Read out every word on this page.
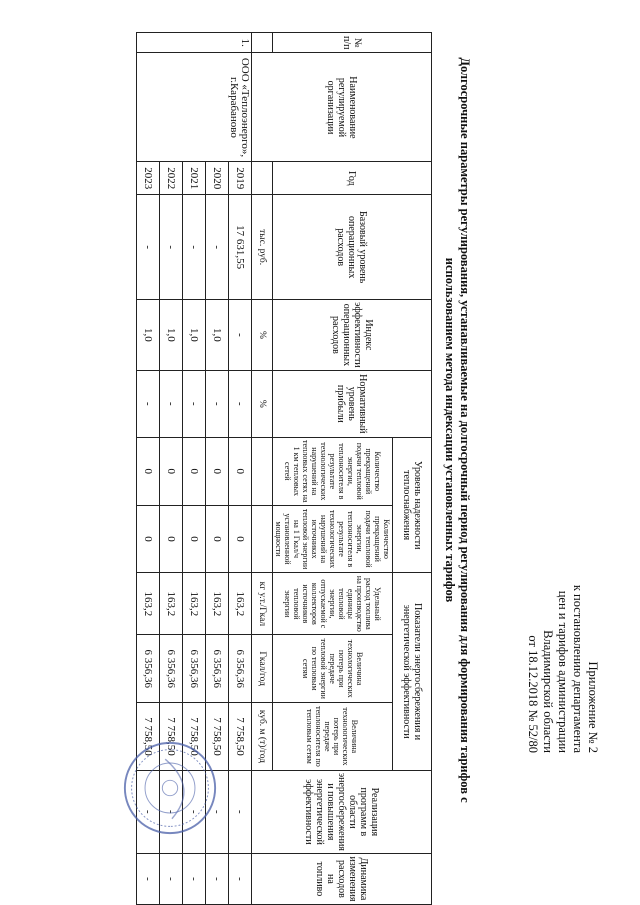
Приложение № 2
к постановлению департамента
цен и тарифов администрации
Владимирской области
от 18.12.2018 № 52/80
Долгосрочные параметры регулирования, устанавливаемые на долгосрочный период регулирования для формирования тарифов с
использованием метода индексации установленных тарифов
№ п/п	Наименование регулируемой организации	Год	Базовый уровень операционных расходов	Индекс эффективности операционных расходов	Нормативный уровень прибыли	Уровень надежности теплоснабжения		Показатели энергосбережения и энергетической эффективности			Реализация программ в области энергосбережения и повышения энергетической эффективности	Динамика изменения расходов на топливо
								Удельный расход топлива на производство единицы тепловой энергии, отпускаемой с коллекторов источников тепловой энергии	Величина технологических потерь при передаче тепловой энергии по тепловым сетям	Величина технологических потерь при передаче теплоносителя по тепловым сетям		
						Количество прекращений подачи тепловой энергии, теплоносителя в результате технологических нарушений на тепловых сетях на 1 км тепловых сетей	Количество прекращений подачи тепловой энергии, теплоносителя в результате технологических нарушений на источниках тепловой энергии на 1 Гкал/ч установленной мощности					
			тыс. руб.	%	%			кг у.т./Гкал	Гкал/год	куб. м (т)/год		
1.	ООО «Теплоэнерго», г.Карабаново	2019	17 631,55	-	-	0	0	163,2	6 356,36	7 758,50	-	-
		2020	-	1,0	-	0	0	163,2	6 356,36	7 758,50	-	-
		2021	-	1,0	-	0	0	163,2	6 356,36	7 758,50	-	-
		2022	-	1,0	-	0	0	163,2	6 356,36	7 758,50	-	-
		2023	-	1,0	-	0	0	163,2	6 356,36	7 758,50	-	-
